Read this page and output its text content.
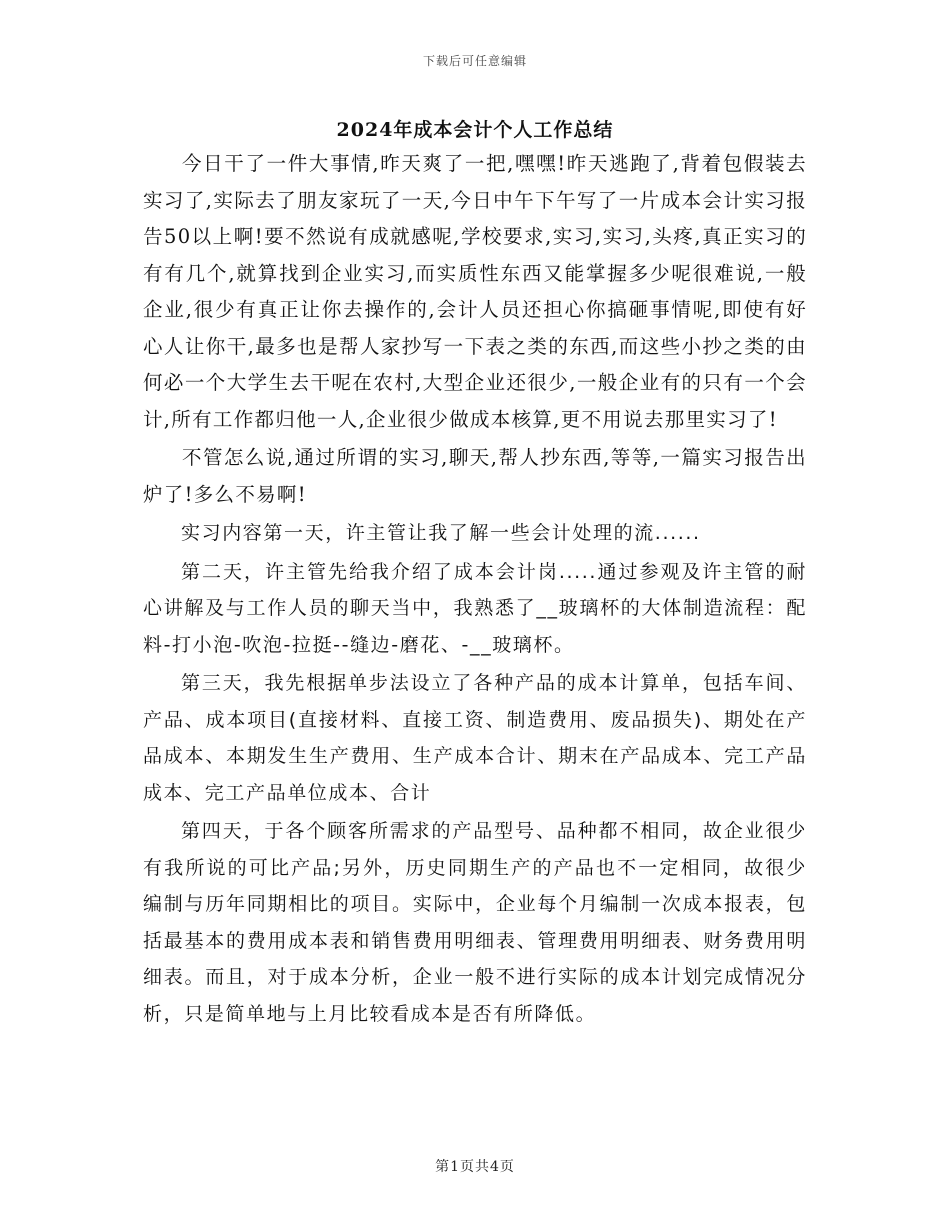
下载后可任意编辑
2024年成本会计个人工作总结

今日干了一件大事情,昨天爽了一把,嘿嘿!昨天逃跑了,背着包假装去实习了,实际去了朋友家玩了一天,今日中午下午写了一片成本会计实习报告50以上啊!要不然说有成就感呢,学校要求,实习,实习,头疼,真正实习的有有几个,就算找到企业实习,而实质性东西又能掌握多少呢很难说,一般企业,很少有真正让你去操作的,会计人员还担心你搞砸事情呢,即使有好心人让你干,最多也是帮人家抄写一下表之类的东西,而这些小抄之类的由何必一个大学生去干呢在农村,大型企业还很少,一般企业有的只有一个会计,所有工作都归他一人,企业很少做成本核算,更不用说去那里实习了!

不管怎么说,通过所谓的实习,聊天,帮人抄东西,等等,一篇实习报告出炉了!多么不易啊!

实习内容第一天，许主管让我了解一些会计处理的流......

第二天，许主管先给我介绍了成本会计岗.....通过参观及许主管的耐心讲解及与工作人员的聊天当中，我熟悉了__玻璃杯的大体制造流程：配料-打小泡-吹泡-拉挺--缝边-磨花、-__玻璃杯。

第三天，我先根据单步法设立了各种产品的成本计算单，包括车间、产品、成本项目(直接材料、直接工资、制造费用、废品损失)、期处在产品成本、本期发生生产费用、生产成本合计、期末在产品成本、完工产品成本、完工产品单位成本、合计

第四天，于各个顾客所需求的产品型号、品种都不相同，故企业很少有我所说的可比产品;另外，历史同期生产的产品也不一定相同，故很少编制与历年同期相比的项目。实际中，企业每个月编制一次成本报表，包括最基本的费用成本表和销售费用明细表、管理费用明细表、财务费用明细表。而且，对于成本分析，企业一般不进行实际的成本计划完成情况分析，只是简单地与上月比较看成本是否有所降低。

第1页共4页
